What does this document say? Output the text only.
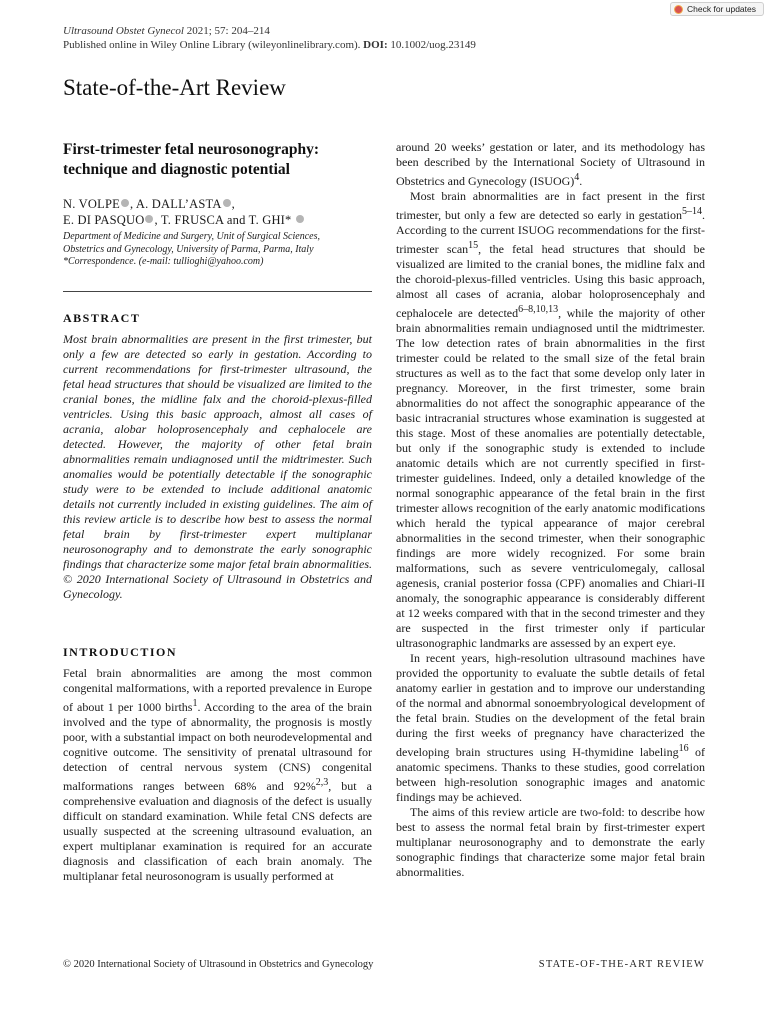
Check for updates
Ultrasound Obstet Gynecol 2021; 57: 204–214
Published online in Wiley Online Library (wileyonlinelibrary.com). DOI: 10.1002/uog.23149
State-of-the-Art Review
First-trimester fetal neurosonography: technique and diagnostic potential
N. VOLPE , A. DALL’ASTA ,
E. DI PASQUO , T. FRUSCA and T. GHI*
Department of Medicine and Surgery, Unit of Surgical Sciences,
Obstetrics and Gynecology, University of Parma, Parma, Italy
*Correspondence. (e-mail: tullioghi@yahoo.com)
ABSTRACT

Most brain abnormalities are present in the first trimester, but only a few are detected so early in gestation. According to current recommendations for first-trimester ultrasound, the fetal head structures that should be visualized are limited to the cranial bones, the midline falx and the choroid-plexus-filled ventricles. Using this basic approach, almost all cases of acrania, alobar holoprosencephaly and cephalocele are detected. However, the majority of other fetal brain abnormalities remain undiagnosed until the midtrimester. Such anomalies would be potentially detectable if the sonographic study were to be extended to include additional anatomic details not currently included in existing guidelines. The aim of this review article is to describe how best to assess the normal fetal brain by first-trimester expert multiplanar neurosonography and to demonstrate the early sonographic findings that characterize some major fetal brain abnormalities. © 2020 International Society of Ultrasound in Obstetrics and Gynecology.

INTRODUCTION

Fetal brain abnormalities are among the most common congenital malformations, with a reported prevalence in Europe of about 1 per 1000 births$^1$. According to the area of the brain involved and the type of abnormality, the prognosis is mostly poor, with a substantial impact on both neurodevelopmental and cognitive outcome. The sensitivity of prenatal ultrasound for detection of central nervous system (CNS) congenital malformations ranges between 68% and 92%$^{2,3}$, but a comprehensive evaluation and diagnosis of the defect is usually difficult on standard examination. While fetal CNS defects are usually suspected at the screening ultrasound evaluation, an expert multiplanar examination is required for an accurate diagnosis and classification of each brain anomaly. The multiplanar fetal neurosonogram is usually performed at

around 20 weeks’ gestation or later, and its methodology has been described by the International Society of Ultrasound in Obstetrics and Gynecology (ISUOG)$^4$.

Most brain abnormalities are in fact present in the first trimester, but only a few are detected so early in gestation$^{5-14}$. According to the current ISUOG recommendations for the first-trimester scan$^{15}$, the fetal head structures that should be visualized are limited to the cranial bones, the midline falx and the choroid-plexus-filled ventricles. Using this basic approach, almost all cases of acrania, alobar holoprosencephaly and cephalocele are detected$^{6-8,10,13}$, while the majority of other brain abnormalities remain undiagnosed until the midtrimester. The low detection rates of brain abnormalities in the first trimester could be related to the small size of the fetal brain structures as well as to the fact that some develop only later in pregnancy. Moreover, in the first trimester, some brain abnormalities do not affect the sonographic appearance of the basic intracranial structures whose examination is suggested at this stage. Most of these anomalies are potentially detectable, but only if the sonographic study is extended to include anatomic details which are not currently specified in first-trimester guidelines. Indeed, only a detailed knowledge of the normal sonographic appearance of the fetal brain in the first trimester allows recognition of the early anatomic modifications which herald the typical appearance of major cerebral abnormalities in the second trimester, when their sonographic findings are more widely recognized. For some brain malformations, such as severe ventriculomegaly, callosal agenesis, cranial posterior fossa (CPF) anomalies and Chiari-II anomaly, the sonographic appearance is considerably different at 12 weeks compared with that in the second trimester and they are suspected in the first trimester only if particular ultrasonographic landmarks are assessed by an expert eye.

In recent years, high-resolution ultrasound machines have provided the opportunity to evaluate the subtle details of fetal anatomy earlier in gestation and to improve our understanding of the normal and abnormal sonoembryological development of the fetal brain. Studies on the development of the fetal brain during the first weeks of pregnancy have characterized the developing brain structures using H-thymidine labeling$^{16}$ of anatomic specimens. Thanks to these studies, good correlation between high-resolution sonographic images and anatomic findings may be achieved.

The aims of this review article are two-fold: to describe how best to assess the normal fetal brain by first-trimester expert multiplanar neurosonography and to demonstrate the early sonographic findings that characterize some major fetal brain abnormalities.

© 2020 International Society of Ultrasound in Obstetrics and Gynecology	STATE-OF-THE-ART REVIEW
